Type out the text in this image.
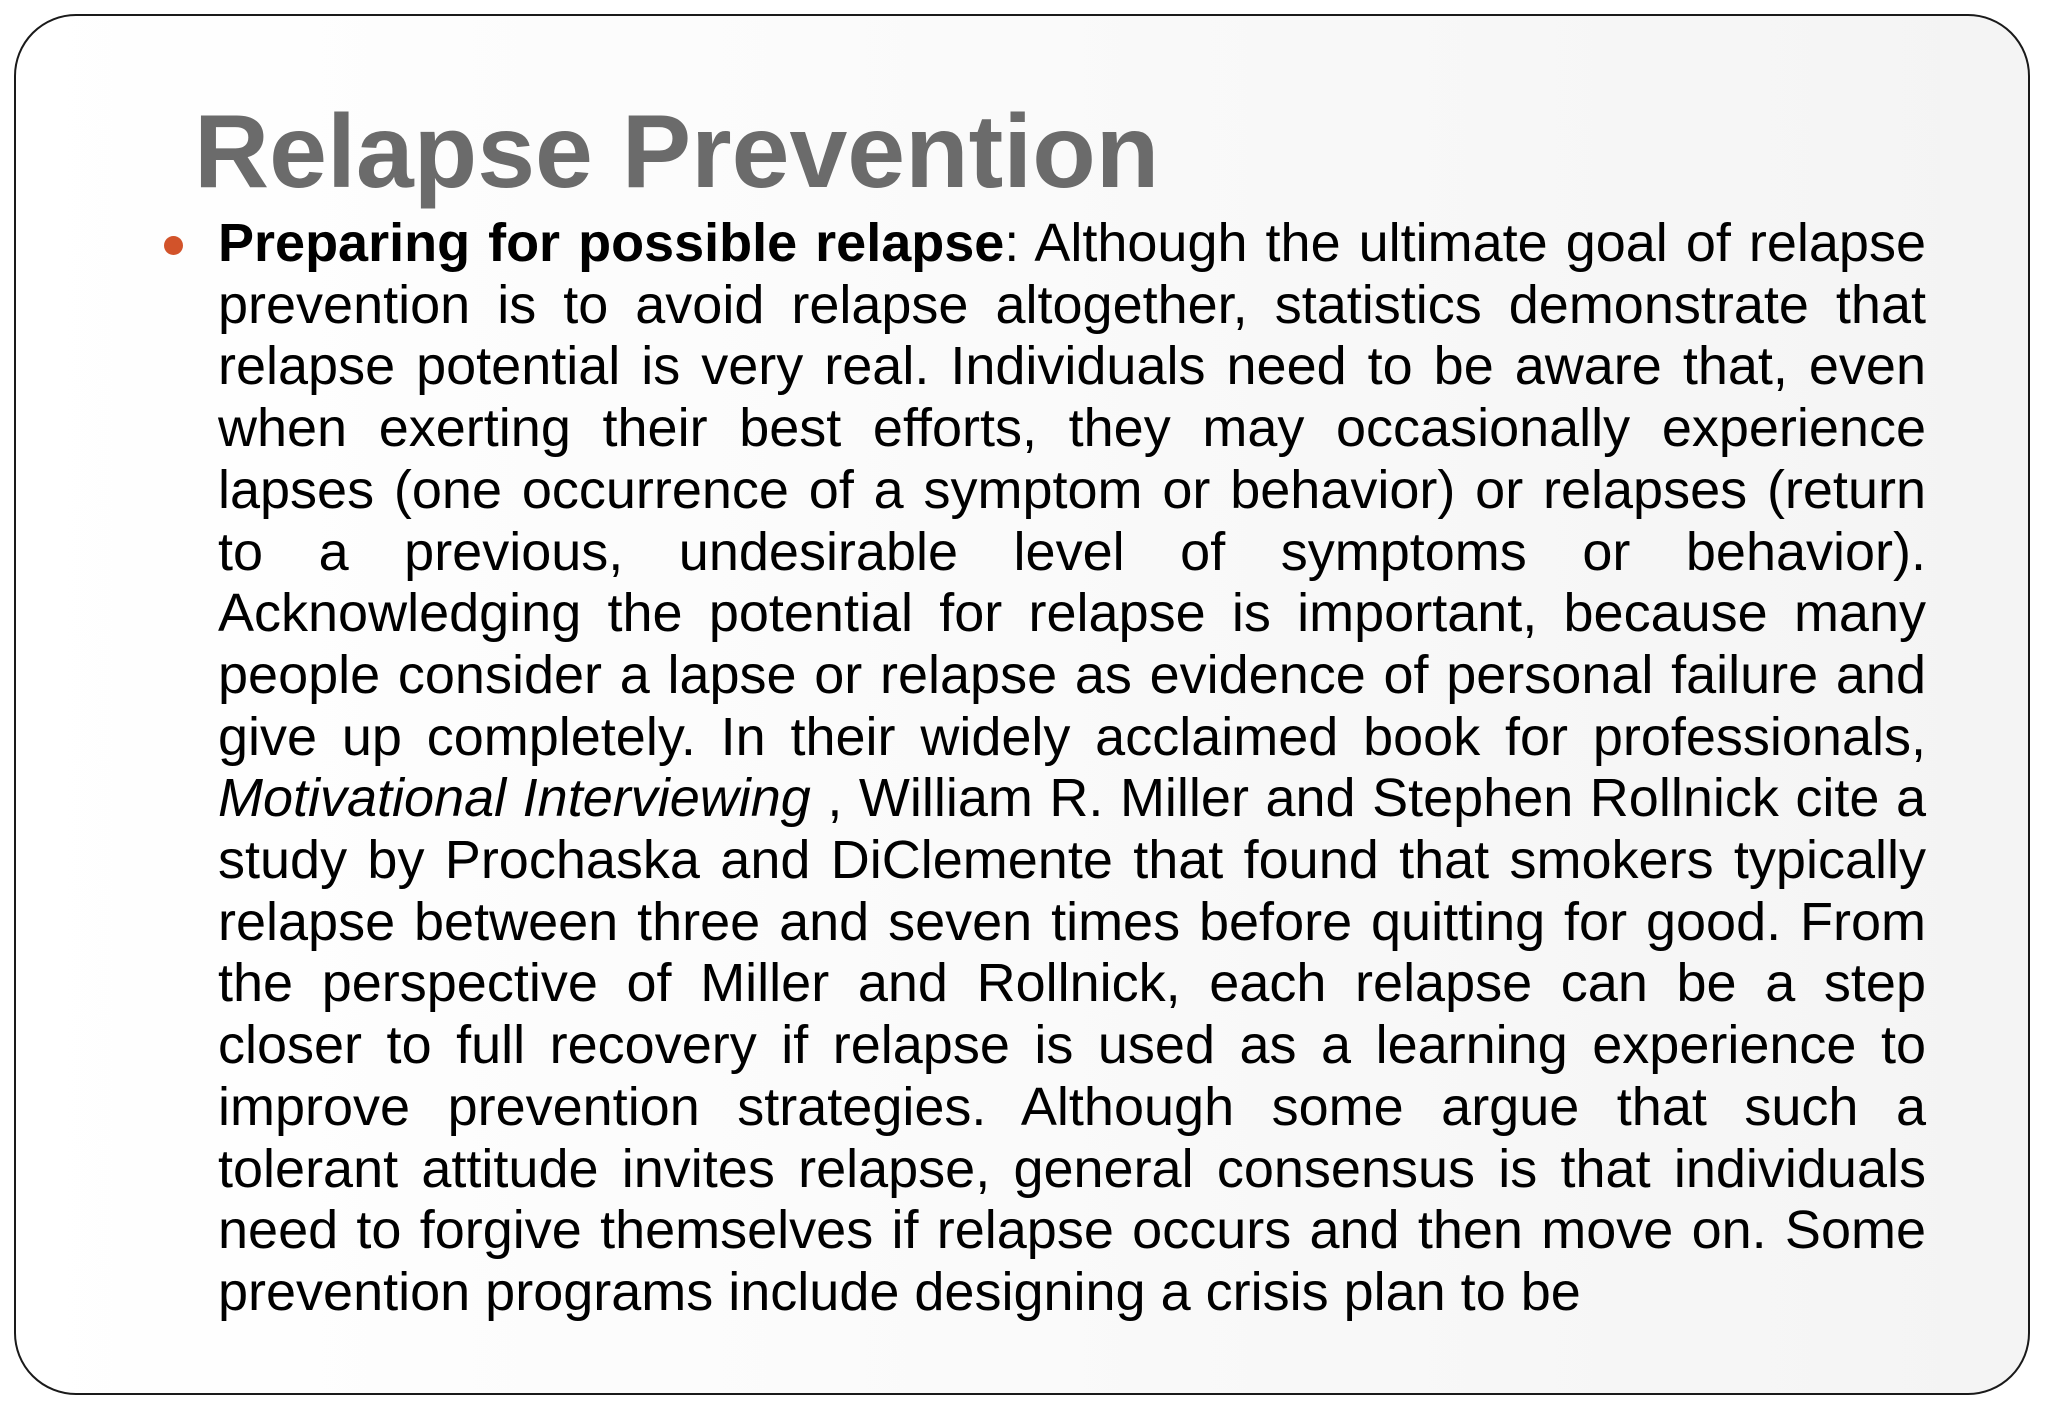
Relapse Prevention

Preparing for possible relapse: Although the ultimate goal of relapse prevention is to avoid relapse altogether, statistics demonstrate that relapse potential is very real. Individuals need to be aware that, even when exerting their best efforts, they may occasionally experience lapses (one occurrence of a symptom or behavior) or relapses (return to a previous, undesirable level of symptoms or behavior). Acknowledging the potential for relapse is important, because many people consider a lapse or relapse as evidence of personal failure and give up completely. In their widely acclaimed book for professionals, Motivational Interviewing , William R. Miller and Stephen Rollnick cite a study by Prochaska and DiClemente that found that smokers typically relapse between three and seven times before quitting for good. From the perspective of Miller and Rollnick, each relapse can be a step closer to full recovery if relapse is used as a learning experience to improve prevention strategies. Although some argue that such a tolerant attitude invites relapse, general consensus is that individuals need to forgive themselves if relapse occurs and then move on. Some prevention programs include designing a crisis plan to be
